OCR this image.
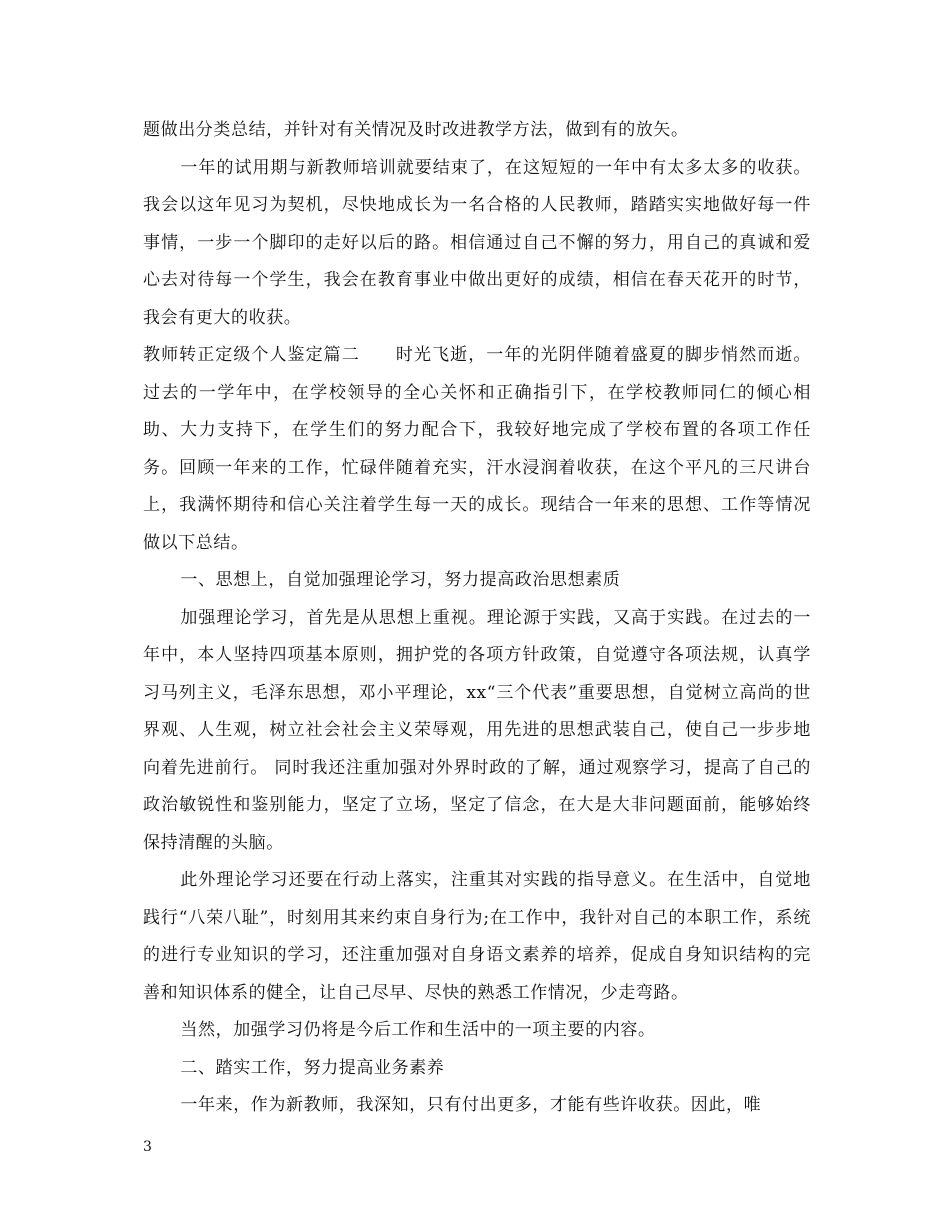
题做出分类总结，并针对有关情况及时改进教学方法，做到有的放矢。

一年的试用期与新教师培训就要结束了，在这短短的一年中有太多太多的收获。 我会以这年见习为契机，尽快地成长为一名合格的人民教师，踏踏实实地做好每一件事情，一步一个脚印的走好以后的路。相信通过自己不懈的努力，用自己的真诚和爱心去对待每一个学生，我会在教育事业中做出更好的成绩，相信在春天花开的时节，我会有更大的收获。

教师转正定级个人鉴定篇二　　时光飞逝，一年的光阴伴随着盛夏的脚步悄然而逝。过去的一学年中，在学校领导的全心关怀和正确指引下，在学校教师同仁的倾心相助、大力支持下，在学生们的努力配合下，我较好地完成了学校布置的各项工作任务。回顾一年来的工作，忙碌伴随着充实，汗水浸润着收获，在这个平凡的三尺讲台上，我满怀期待和信心关注着学生每一天的成长。现结合一年来的思想、工作等情况做以下总结。

一、思想上，自觉加强理论学习，努力提高政治思想素质

加强理论学习，首先是从思想上重视。理论源于实践，又高于实践。在过去的一年中，本人坚持四项基本原则，拥护党的各项方针政策，自觉遵守各项法规，认真学习马列主义，毛泽东思想，邓小平理论，xx“三个代表”重要思想，自觉树立高尚的世界观、人生观，树立社会社会主义荣辱观，用先进的思想武装自己，使自己一步步地向着先进前行。 同时我还注重加强对外界时政的了解，通过观察学习，提高了自己的政治敏锐性和鉴别能力，坚定了立场，坚定了信念，在大是大非问题面前，能够始终保持清醒的头脑。

此外理论学习还要在行动上落实，注重其对实践的指导意义。在生活中，自觉地践行“八荣八耻”，时刻用其来约束自身行为;在工作中，我针对自己的本职工作，系统的进行专业知识的学习，还注重加强对自身语文素养的培养，促成自身知识结构的完善和知识体系的健全，让自己尽早、尽快的熟悉工作情况，少走弯路。

当然，加强学习仍将是今后工作和生活中的一项主要的内容。

二、踏实工作，努力提高业务素养

一年来，作为新教师，我深知，只有付出更多，才能有些许收获。因此，唯

3
